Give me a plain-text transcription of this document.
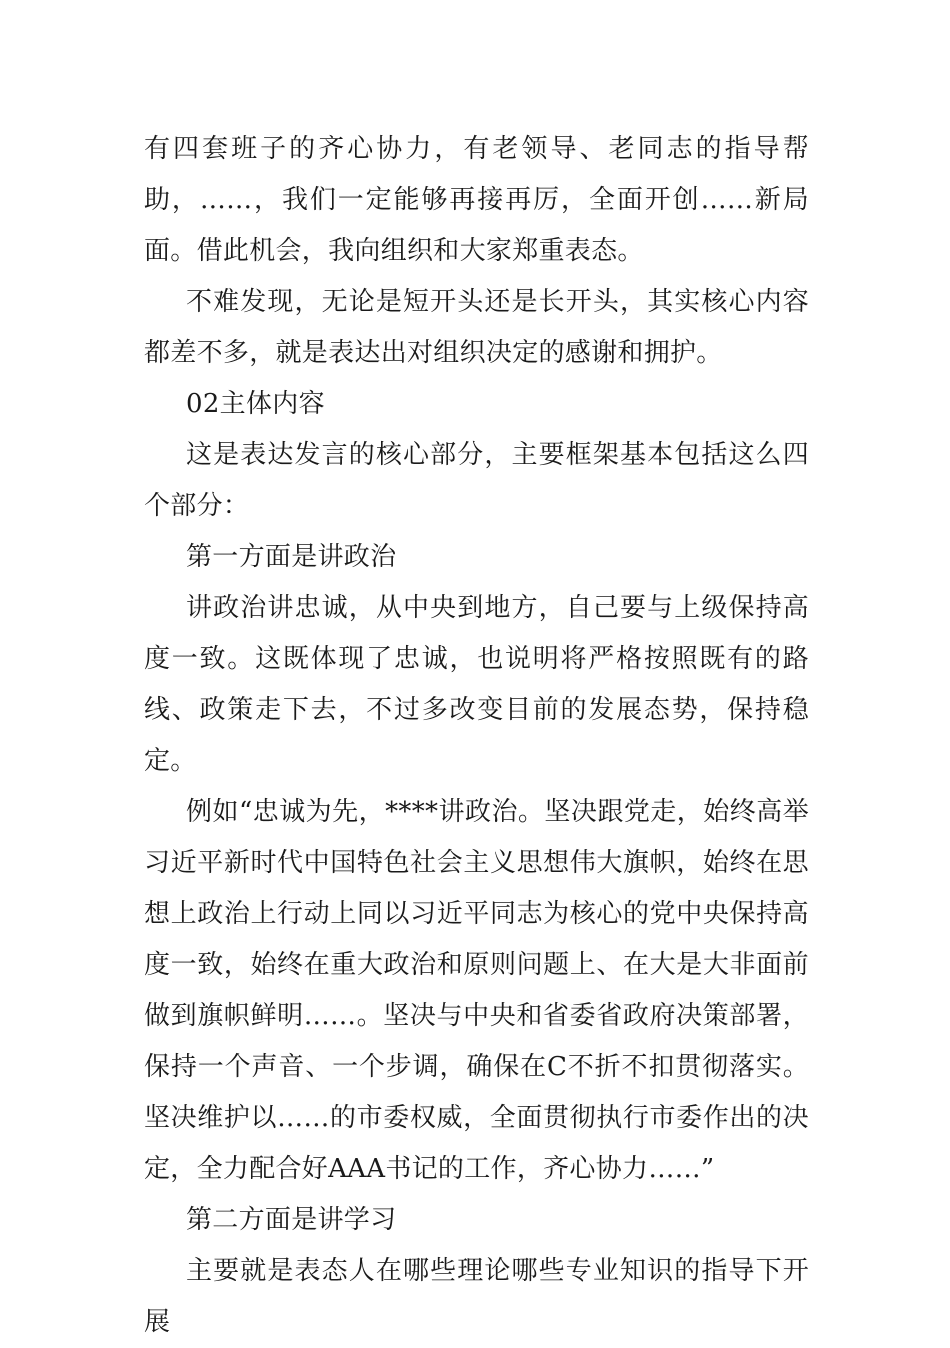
有四套班子的齐心协力，有老领导、老同志的指导帮助，……，我们一定能够再接再厉，全面开创……新局面。借此机会，我向组织和大家郑重表态。

不难发现，无论是短开头还是长开头，其实核心内容都差不多，就是表达出对组织决定的感谢和拥护。

02主体内容

这是表达发言的核心部分，主要框架基本包括这么四个部分：

第一方面是讲政治

讲政治讲忠诚，从中央到地方，自己要与上级保持高度一致。这既体现了忠诚，也说明将严格按照既有的路线、政策走下去，不过多改变目前的发展态势，保持稳定。

例如“忠诚为先，****讲政治。坚决跟党走，始终高举习近平新时代中国特色社会主义思想伟大旗帜，始终在思想上政治上行动上同以习近平同志为核心的党中央保持高度一致，始终在重大政治和原则问题上、在大是大非面前做到旗帜鲜明……。坚决与中央和省委省政府决策部署，保持一个声音、一个步调，确保在C不折不扣贯彻落实。坚决维护以……的市委权威，全面贯彻执行市委作出的决定，全力配合好AAA书记的工作，齐心协力……”

第二方面是讲学习

主要就是表态人在哪些理论哪些专业知识的指导下开展
